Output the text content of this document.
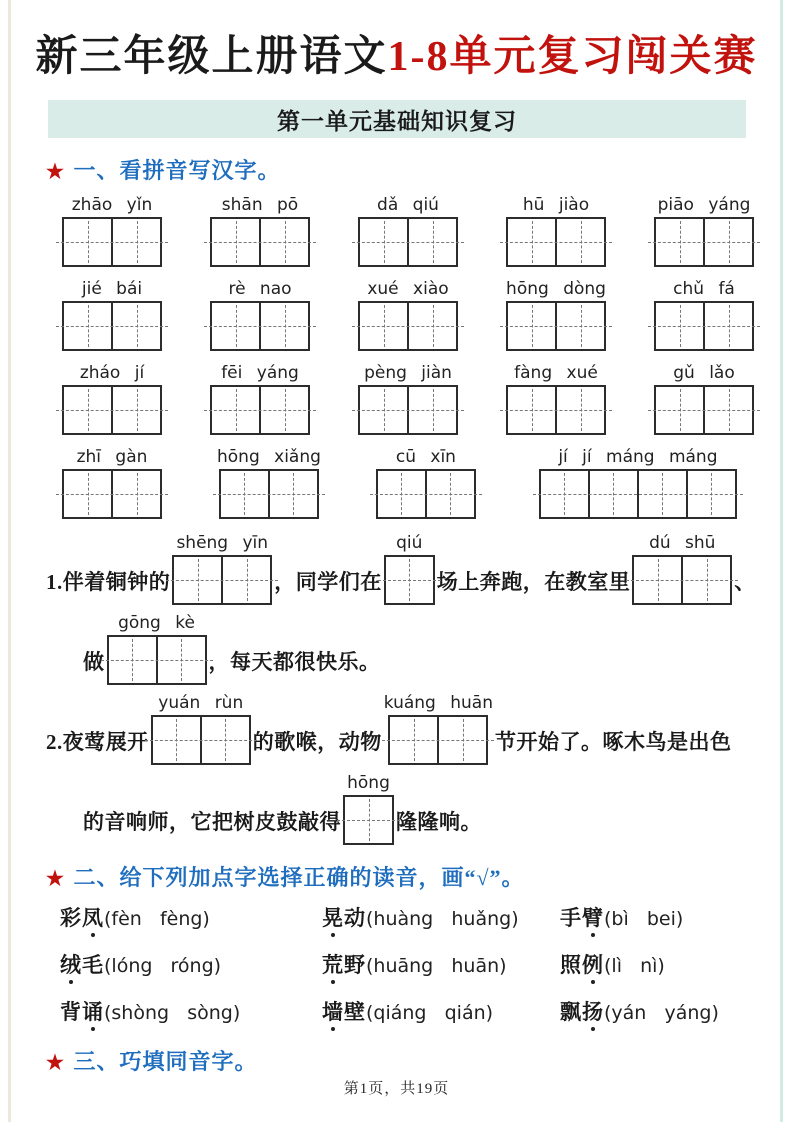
新三年级上册语文1-8单元复习闯关赛
第一单元基础知识复习
★ 一、看拼音写汉字。
zhāo yǐn	shān pō	dǎ qiú	hū jiào	piāo yáng
jié bái	rè nao	xué xiào	hōng dòng	chǔ fá
zháo jí	fēi yáng	pèng jiàn	fàng xué	gǔ lǎo
zhī gàn	hōng xiǎng	cū xīn	jí jí máng máng
1.伴着铜钟的
shēng yīn
，同学们在
qiú
场上奔跑，在教室里
dú shū
、
做
gōng kè
，每天都很快乐。
2.夜莺展开
yuán rùn
的歌喉，动物
kuáng huān
节开始了。啄木鸟是出色
的音响师，它把树皮鼓敲得
hōng
隆隆响。
★ 二、给下列加点字选择正确的读音，画“√”。
彩凤(fèn   fèng)	晃动(huàng   huǎng)	手臂(bì   bei)
绒毛(lóng   róng)	荒野(huāng   huān)	照例(lì   nì)
背诵(shòng   sòng)	墙壁(qiáng   qián)	飘扬(yán   yáng)
★ 三、巧填同音字。
第1页，共19页
